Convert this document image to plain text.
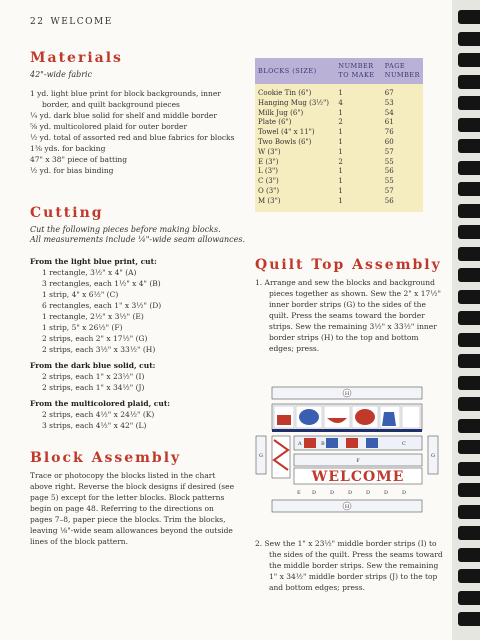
22 WELCOME
Materials
42"-wide fabric
1 yd. light blue print for block backgrounds, inner border, and quilt background pieces
¼ yd. dark blue solid for shelf and middle border
⅝ yd. multicolored plaid for outer border
½ yd. total of assorted red and blue fabrics for blocks
1⅜ yds. for backing
47" x 38" piece of batting
½ yd. for bias binding
Cutting
Cut the following pieces before making blocks.
All measurements include ¼"-wide seam allowances.
From the light blue print, cut:
1 rectangle, 3½" x 4" (A)
3 rectangles, each 1½" x 4" (B)
1 strip, 4" x 6½" (C)
6 rectangles, each 1" x 3½" (D)
1 rectangle, 2½" x 3½" (E)
1 strip, 5" x 26½" (F)
2 strips, each 2" x 17½" (G)
2 strips, each 3½" x 33½" (H)
From the dark blue solid, cut:
2 strips, each 1" x 23½" (I)
2 strips, each 1" x 34½" (J)
From the multicolored plaid, cut:
2 strips, each 4½" x 24½" (K)
3 strips, each 4½" x 42" (L)
Block Assembly
Trace or photocopy the blocks listed in the chart above right. Reverse the block designs if desired (see page 5) except for the letter blocks. Block patterns begin on page 48. Referring to the directions on pages 7–8, paper piece the blocks. Trim the blocks, leaving ⅛"-wide seam allowances beyond the outside lines of the block pattern.
BLOCKS (SIZE)	NUMBER TO MAKE	PAGE NUMBER
Cookie Tin (6")	1	67
Hanging Mug (3½")	4	53
Milk Jug (6")	1	54
Plate (6")	2	61
Towel (4" x 11")	1	76
Two Bowls (6")	1	60
W (3")	1	57
E (3")	2	55
L (3")	1	56
C (3")	1	55
O (3")	1	57
M (3")	1	56
Quilt Top Assembly
1. Arrange and sew the blocks and background pieces together as shown. Sew the 2" x 17½" inner border strips (G) to the sides of the quilt. Press the seams toward the border strips. Sew the remaining 3½" x 33½" inner border strips (H) to the top and bottom edges; press.
H
G	G
A	B	C
F
WELCOME
E D	D	D	D	D	D
H
2. Sew the 1" x 23½" middle border strips (I) to the sides of the quilt. Press the seams toward the middle border strips. Sew the remaining 1" x 34½" middle border strips (J) to the top and bottom edges; press.
